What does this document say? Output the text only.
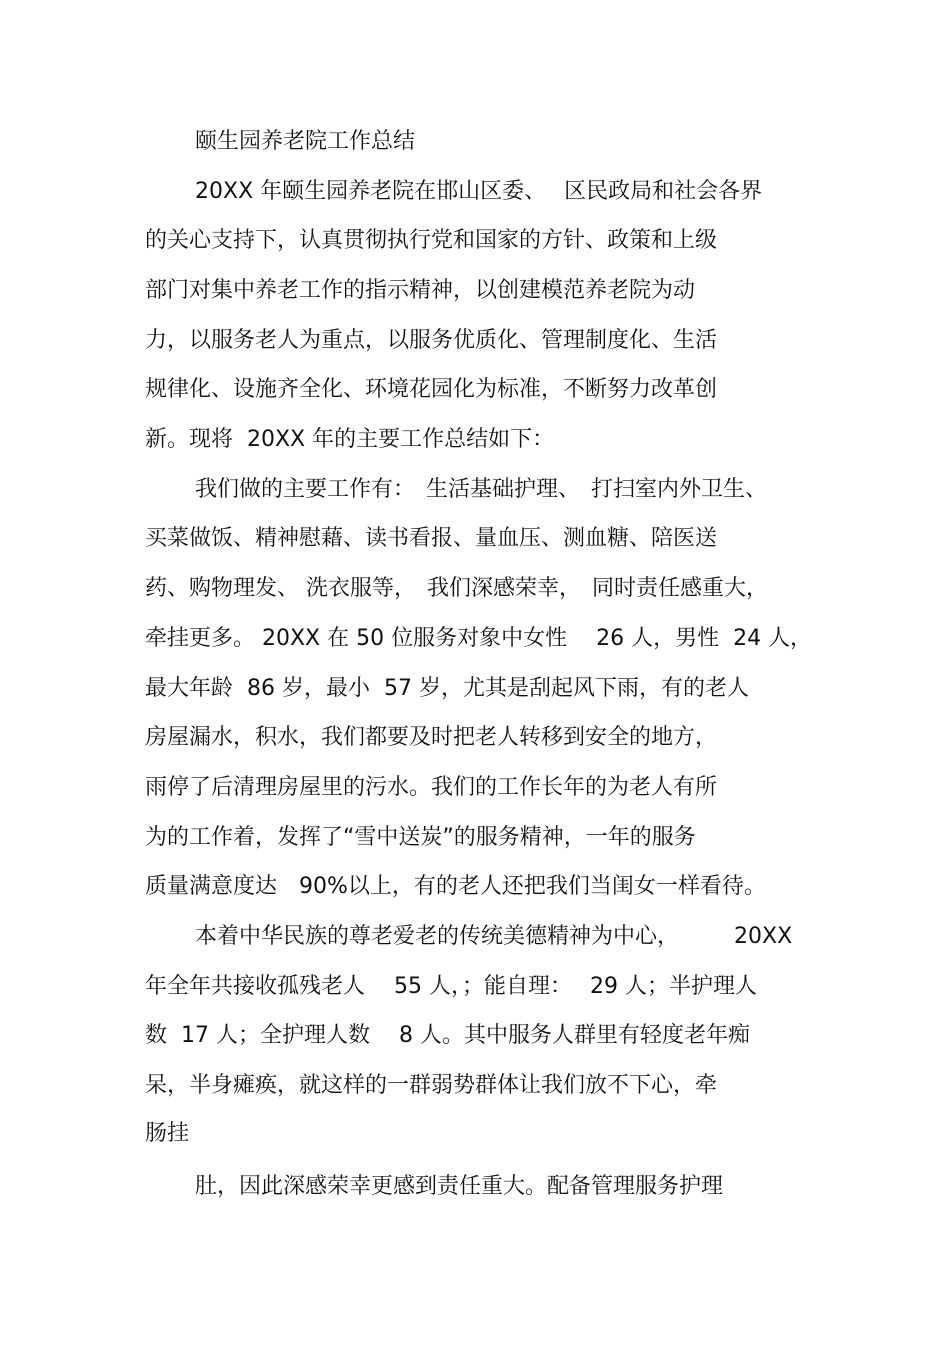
颐生园养老院工作总结
20XX 年颐生园养老院在邯山区委、　 区民政局和社会各界
的关心支持下，认真贯彻执行党和国家的方针、政策和上级
部门对集中养老工作的指示精神，以创建模范养老院为动
力，以服务老人为重点，以服务优质化、管理制度化、生活
规律化、设施齐全化、环境花园化为标准，不断努力改革创
新。现将  20XX 年的主要工作总结如下：
我们做的主要工作有：　生活基础护理、　打扫室内外卫生、
买菜做饭、精神慰藉、读书看报、量血压、测血糖、陪医送
药、购物理发、 洗衣服等，　我们深感荣幸，　同时责任感重大，
牵挂更多。 20XX 在 50 位服务对象中女性　 26 人，男性  24 人，
最大年龄  86 岁，最小  57 岁，尤其是刮起风下雨，有的老人
房屋漏水，积水，我们都要及时把老人转移到安全的地方，
雨停了后清理房屋里的污水。我们的工作长年的为老人有所
为的工作着，发挥了“雪中送炭”的服务精神，一年的服务
质量满意度达　90%以上，有的老人还把我们当闺女一样看待。
本着中华民族的尊老爱老的传统美德精神为中心，　　　20XX
年全年共接收孤残老人　 55 人，；能自理：　 29 人；半护理人
数  17 人；全护理人数　 8 人。其中服务人群里有轻度老年痴
呆，半身瘫痪，就这样的一群弱势群体让我们放不下心，牵
肠挂
肚，因此深感荣幸更感到责任重大。配备管理服务护理
